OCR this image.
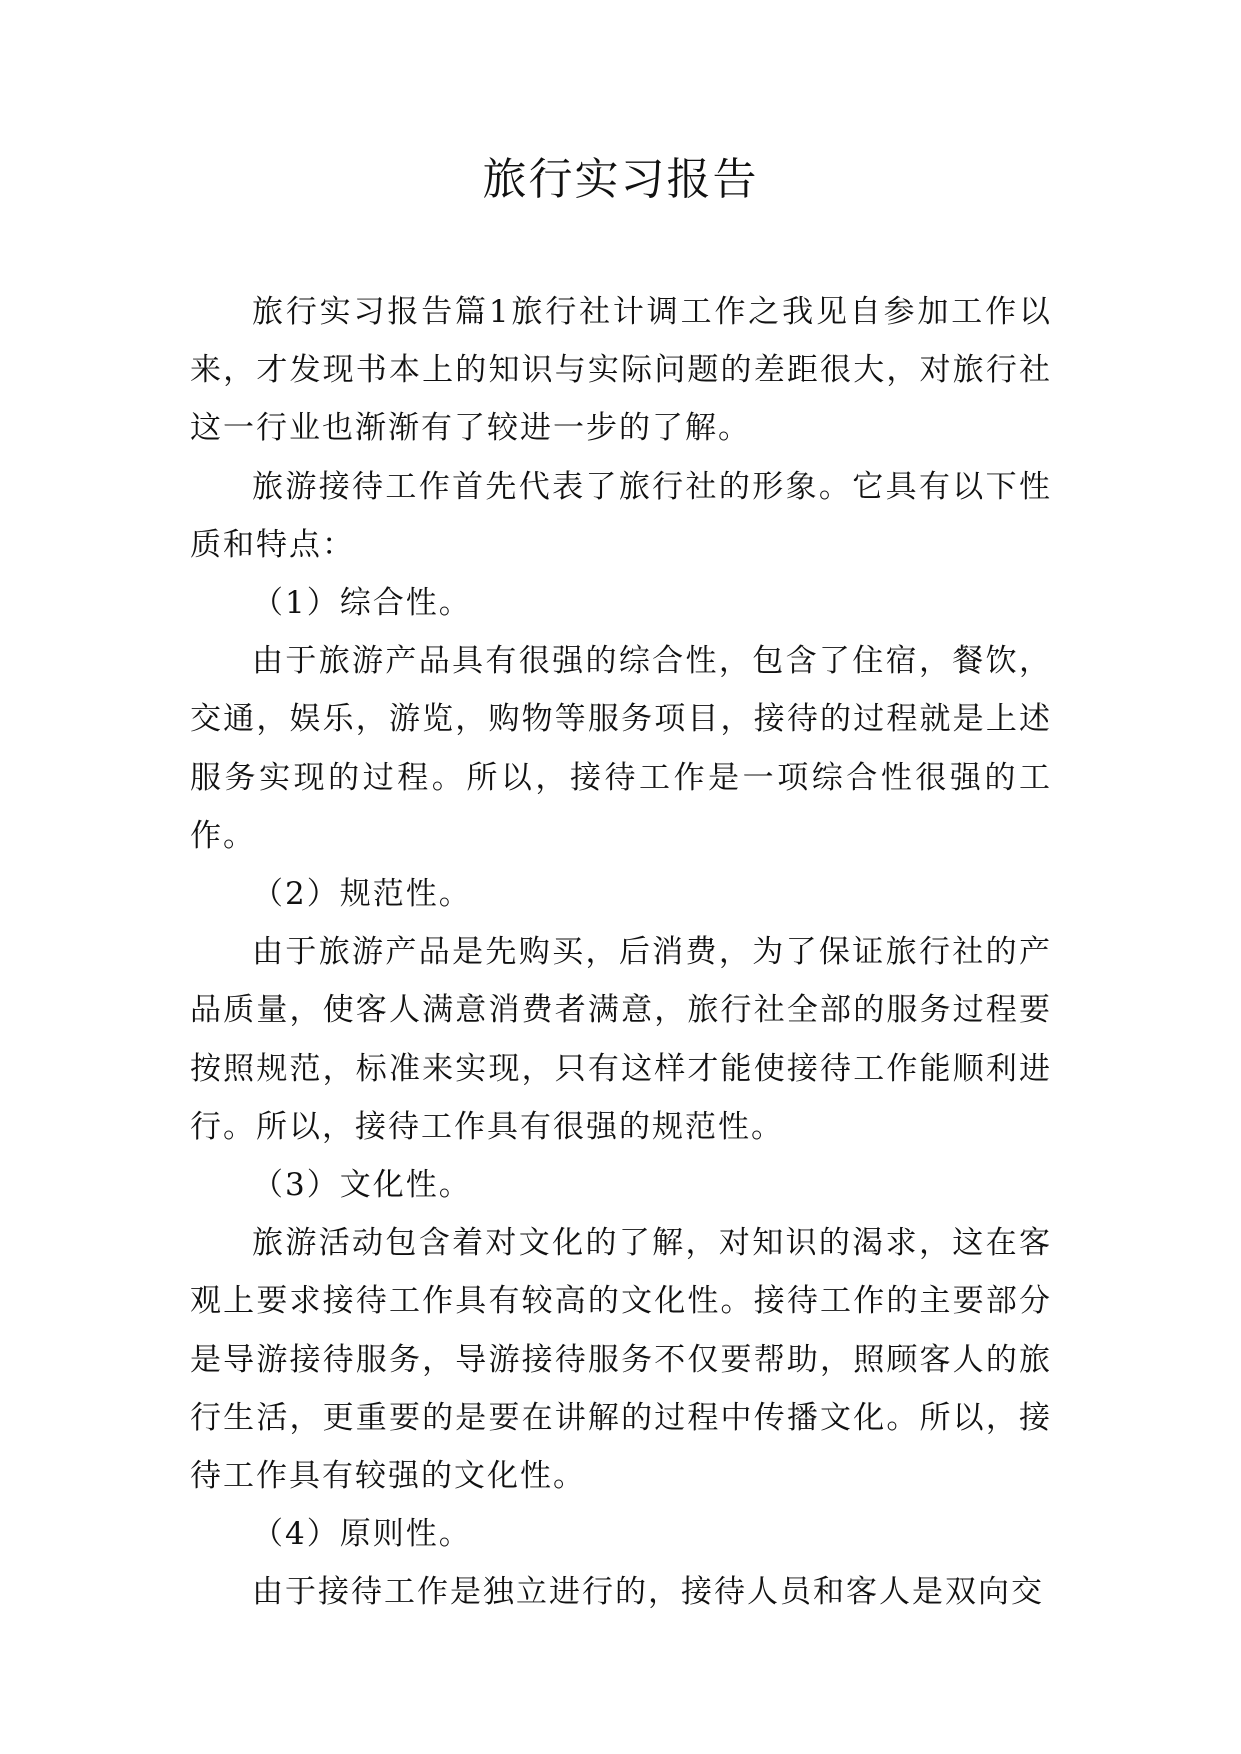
旅行实习报告

旅行实习报告篇1旅行社计调工作之我见自参加工作以来，才发现书本上的知识与实际问题的差距很大，对旅行社这一行业也渐渐有了较进一步的了解。

旅游接待工作首先代表了旅行社的形象。它具有以下性质和特点：

（1）综合性。

由于旅游产品具有很强的综合性，包含了住宿，餐饮，交通，娱乐，游览，购物等服务项目，接待的过程就是上述服务实现的过程。所以，接待工作是一项综合性很强的工作。

（2）规范性。

由于旅游产品是先购买，后消费，为了保证旅行社的产品质量，使客人满意消费者满意，旅行社全部的服务过程要按照规范，标准来实现，只有这样才能使接待工作能顺利进行。所以，接待工作具有很强的规范性。

（3）文化性。

旅游活动包含着对文化的了解，对知识的渴求，这在客观上要求接待工作具有较高的文化性。接待工作的主要部分是导游接待服务，导游接待服务不仅要帮助，照顾客人的旅行生活，更重要的是要在讲解的过程中传播文化。所以，接待工作具有较强的文化性。

（4）原则性。

由于接待工作是独立进行的，接待人员和客人是双向交
